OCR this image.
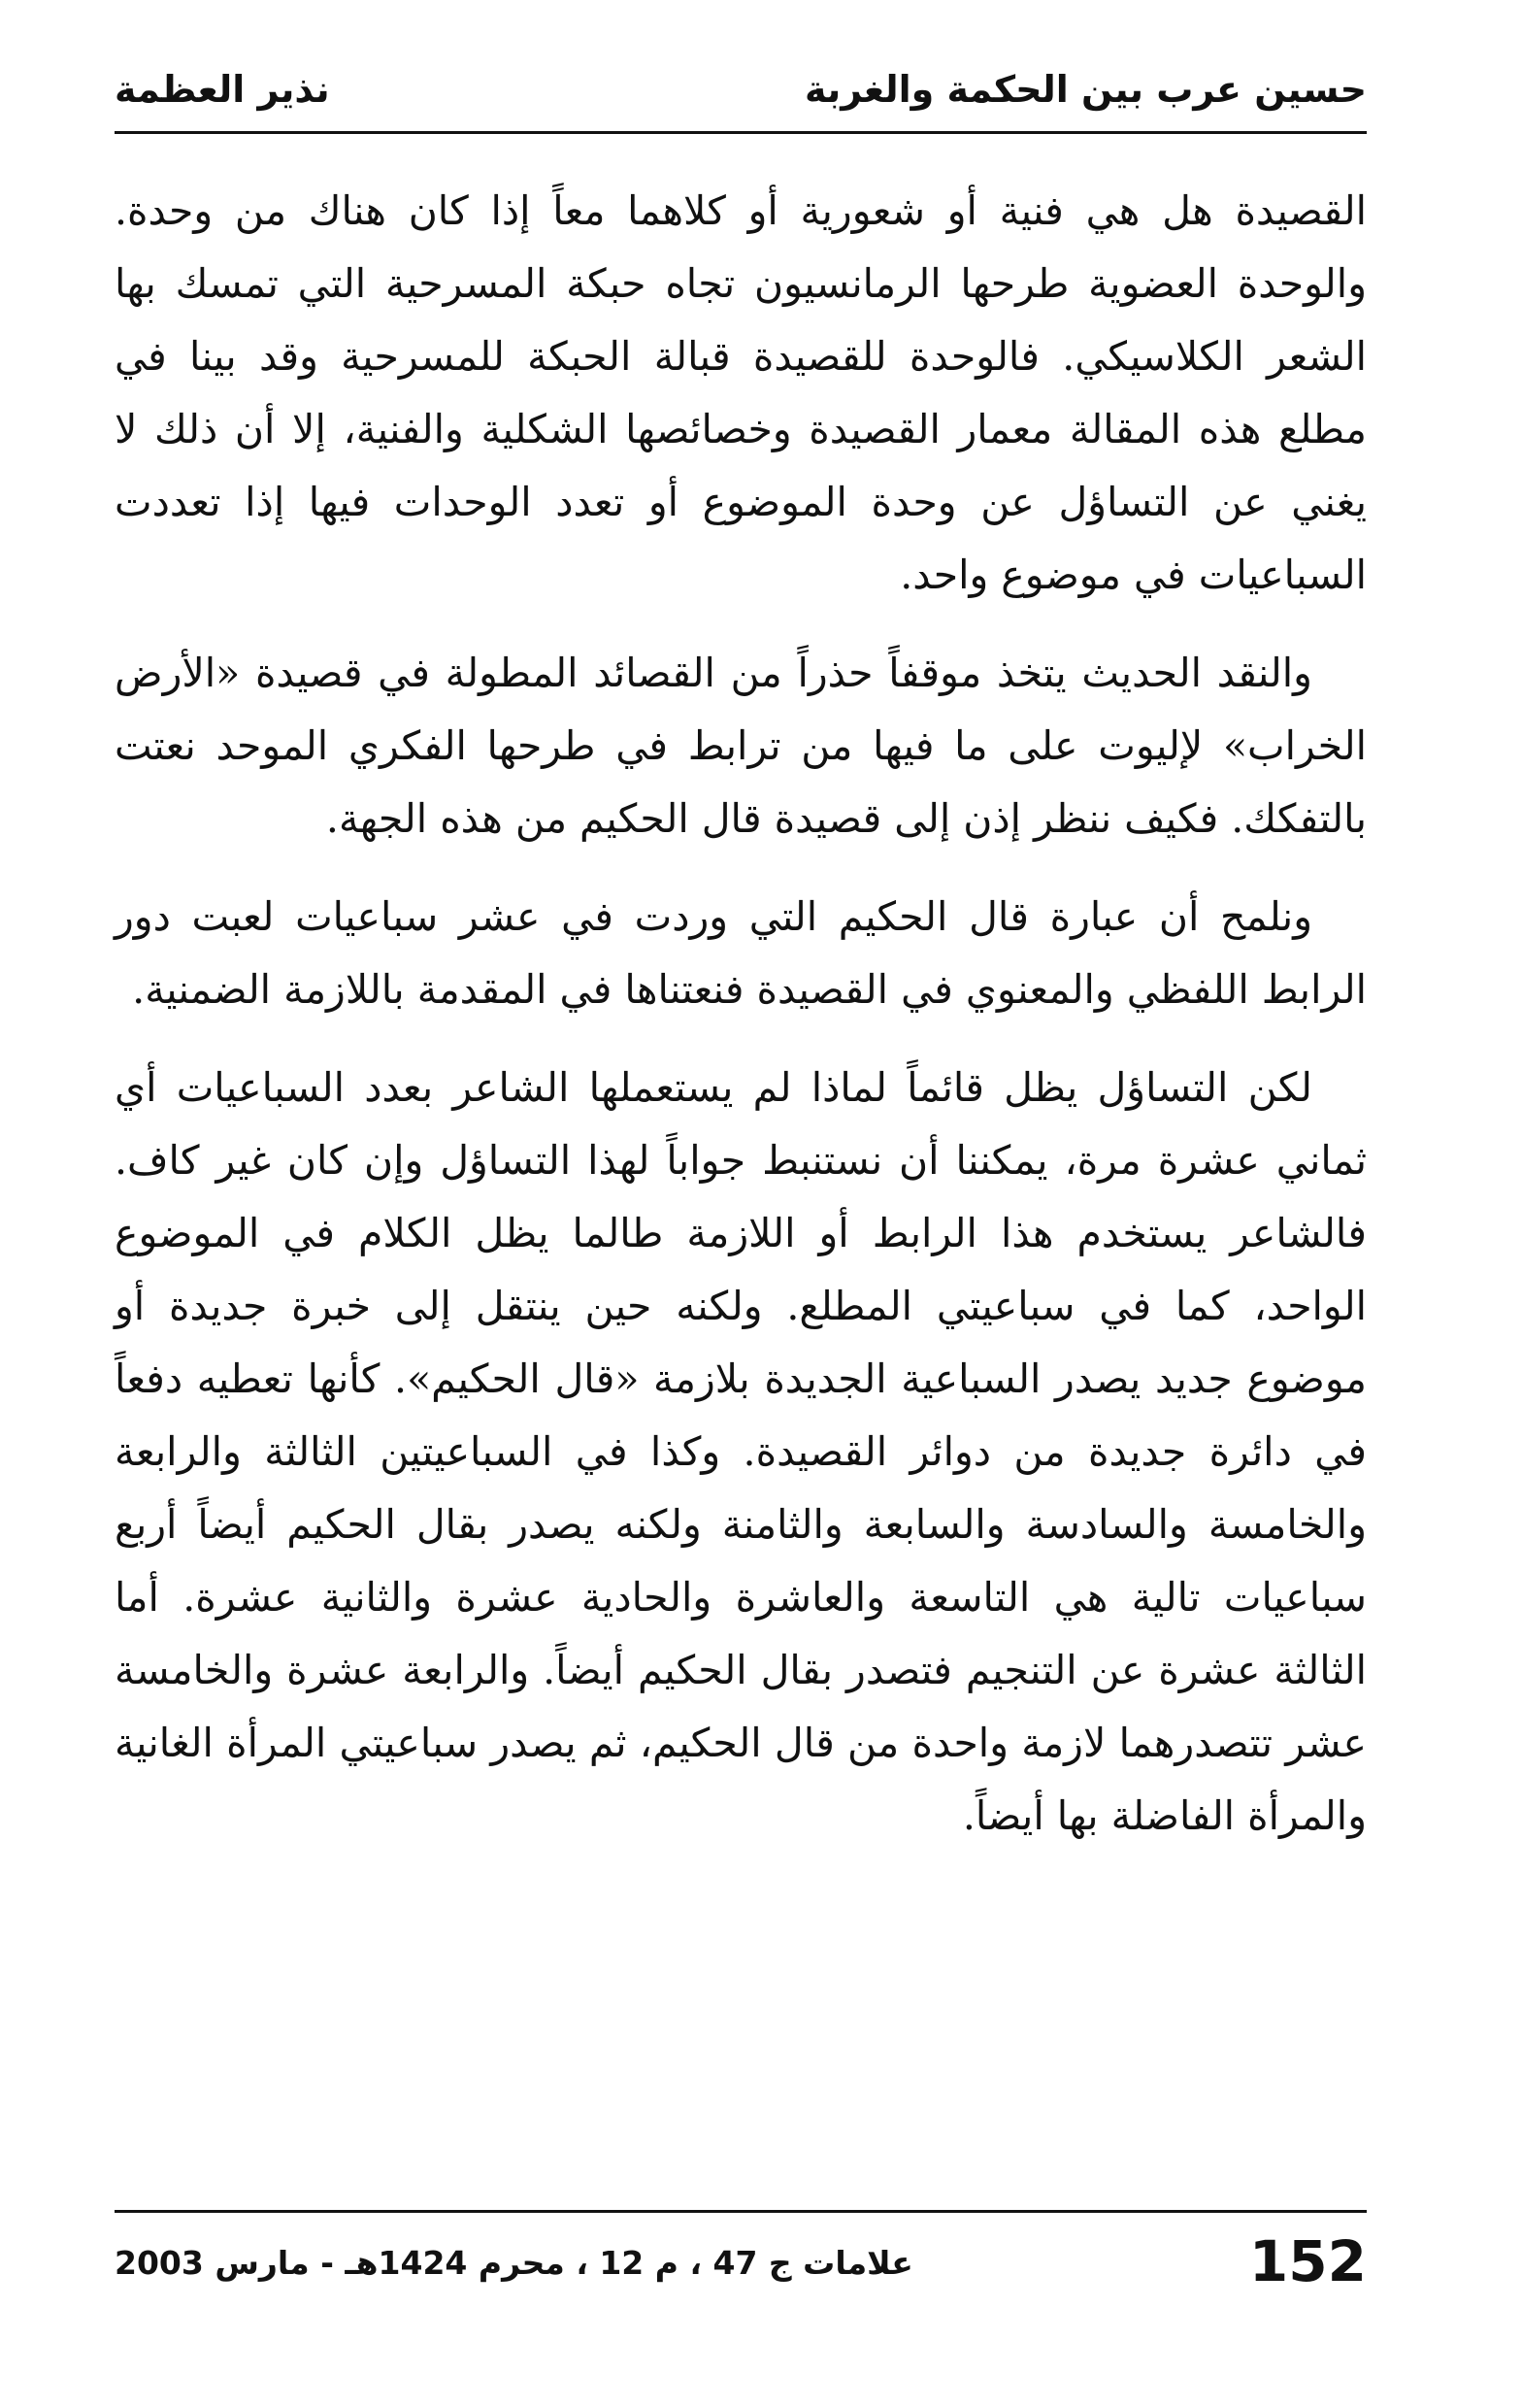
حسين عرب بين الحكمة والغربة
نذير العظمة

القصيدة هل هي فنية أو شعورية أو كلاهما معاً إذا كان هناك من وحدة. والوحدة العضوية طرحها الرمانسيون تجاه حبكة المسرحية التي تمسك بها الشعر الكلاسيكي. فالوحدة للقصيدة قبالة الحبكة للمسرحية وقد بينا في مطلع هذه المقالة معمار القصيدة وخصائصها الشكلية والفنية، إلا أن ذلك لا يغني عن التساؤل عن وحدة الموضوع أو تعدد الوحدات فيها إذا تعددت السباعيات في موضوع واحد.

والنقد الحديث يتخذ موقفاً حذراً من القصائد المطولة في قصيدة «الأرض الخراب» لإليوت على ما فيها من ترابط في طرحها الفكري الموحد نعتت بالتفكك. فكيف ننظر إذن إلى قصيدة قال الحكيم من هذه الجهة.

ونلمح أن عبارة قال الحكيم التي وردت في عشر سباعيات لعبت دور الرابط اللفظي والمعنوي في القصيدة فنعتناها في المقدمة باللازمة الضمنية.

لكن التساؤل يظل قائماً لماذا لم يستعملها الشاعر بعدد السباعيات أي ثماني عشرة مرة، يمكننا أن نستنبط جواباً لهذا التساؤل وإن كان غير كاف. فالشاعر يستخدم هذا الرابط أو اللازمة طالما يظل الكلام في الموضوع الواحد، كما في سباعيتي المطلع. ولكنه حين ينتقل إلى خبرة جديدة أو موضوع جديد يصدر السباعية الجديدة بلازمة «قال الحكيم». كأنها تعطيه دفعاً في دائرة جديدة من دوائر القصيدة. وكذا في السباعيتين الثالثة والرابعة والخامسة والسادسة والسابعة والثامنة ولكنه يصدر بقال الحكيم أيضاً أربع سباعيات تالية هي التاسعة والعاشرة والحادية عشرة والثانية عشرة. أما الثالثة عشرة عن التنجيم فتصدر بقال الحكيم أيضاً. والرابعة عشرة والخامسة عشر تتصدرهما لازمة واحدة من قال الحكيم، ثم يصدر سباعيتي المرأة الغانية والمرأة الفاضلة بها أيضاً.

152
علامات ج 47 ، م 12 ، محرم 1424هـ - مارس 2003
